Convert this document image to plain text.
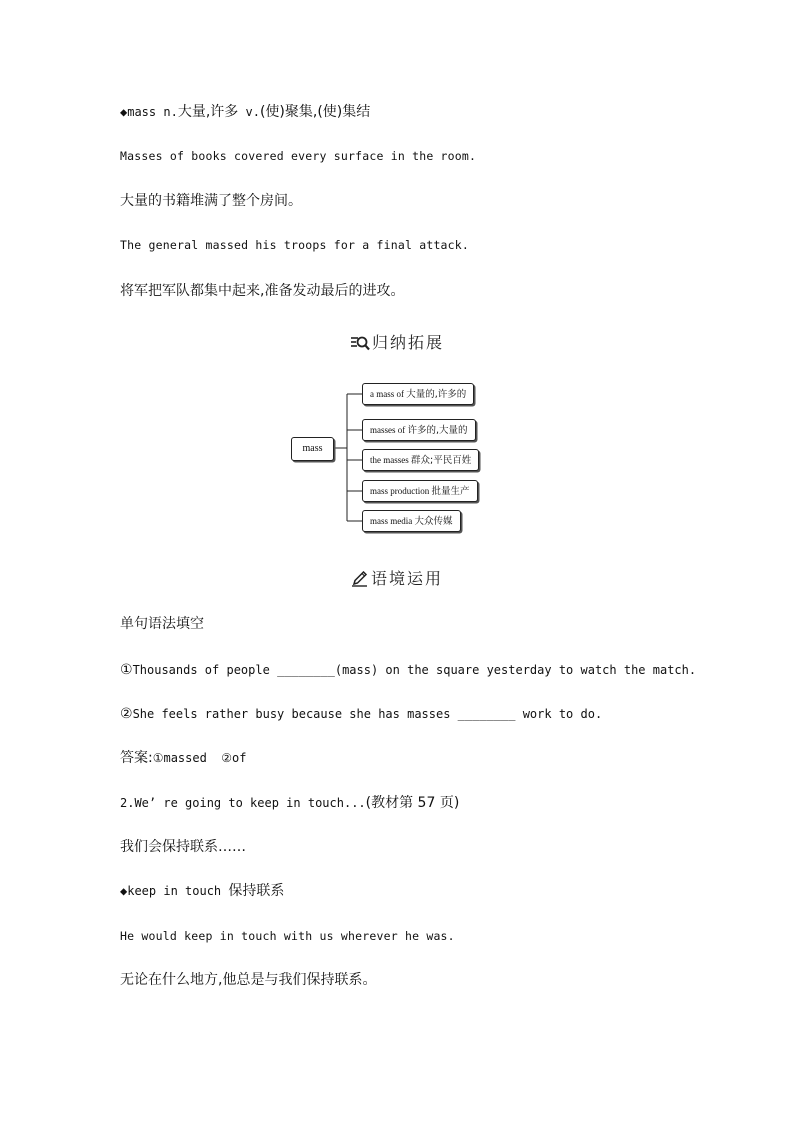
◆mass n.大量,许多 v.(使)聚集,(使)集结
Masses of books covered every surface in the room.
大量的书籍堆满了整个房间。
The general massed his troops for a final attack.
将军把军队都集中起来,准备发动最后的进攻。
归纳拓展
mass
a mass of 大量的,许多的
masses of 许多的,大量的
the masses 群众;平民百姓
mass production 批量生产
mass media 大众传媒
语境运用
单句语法填空
①Thousands of people ________(mass) on the square yesterday to watch the match.
②She feels rather busy because she has masses ________ work to do.
答案:①massed ②of
2.We’ re going to keep in touch...(教材第 57 页)
我们会保持联系……
◆keep in touch 保持联系
He would keep in touch with us wherever he was.
无论在什么地方,他总是与我们保持联系。
